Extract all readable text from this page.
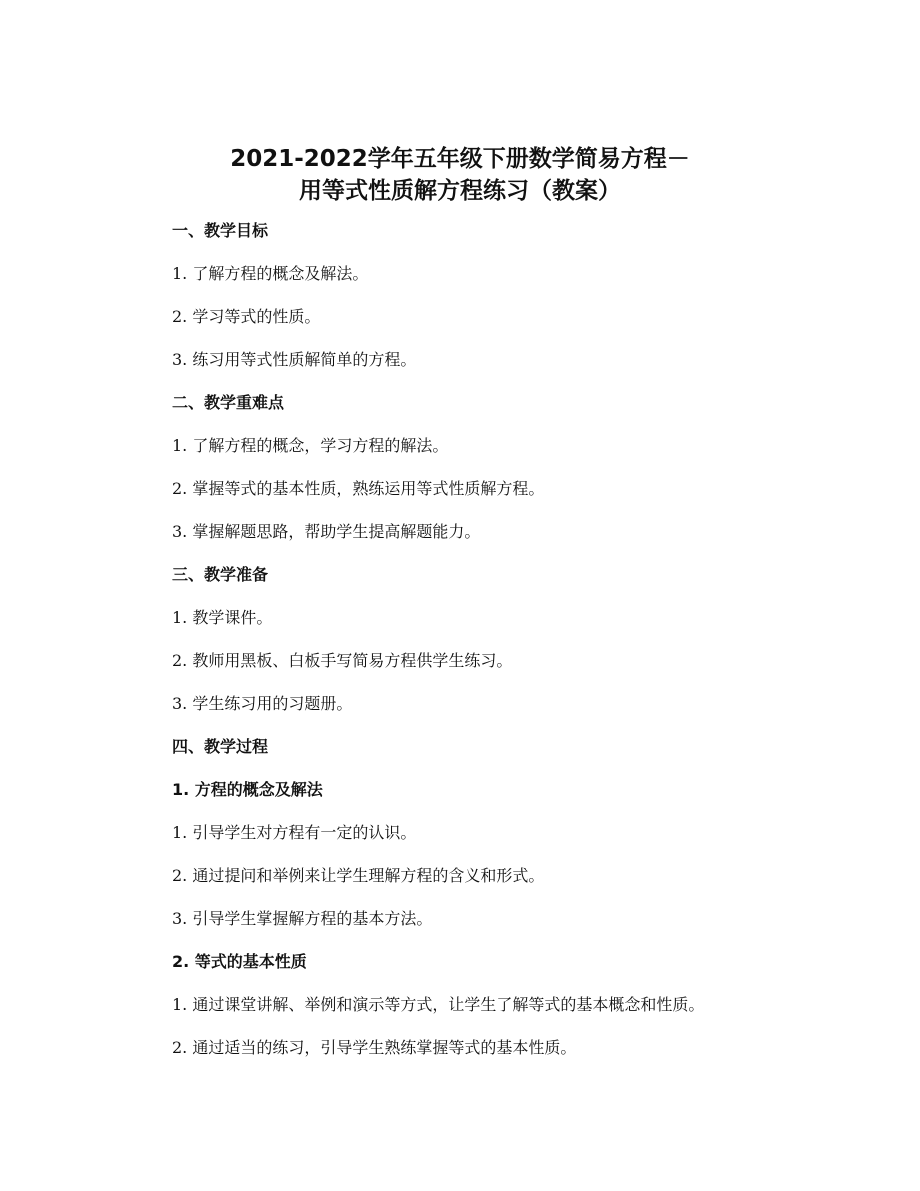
2021-2022学年五年级下册数学简易方程－
用等式性质解方程练习（教案）
一、教学目标
1. 了解方程的概念及解法。
2. 学习等式的性质。
3. 练习用等式性质解简单的方程。
二、教学重难点
1. 了解方程的概念，学习方程的解法。
2. 掌握等式的基本性质，熟练运用等式性质解方程。
3. 掌握解题思路，帮助学生提高解题能力。
三、教学准备
1. 教学课件。
2. 教师用黑板、白板手写简易方程供学生练习。
3. 学生练习用的习题册。
四、教学过程
1. 方程的概念及解法
1. 引导学生对方程有一定的认识。
2. 通过提问和举例来让学生理解方程的含义和形式。
3. 引导学生掌握解方程的基本方法。
2. 等式的基本性质
1. 通过课堂讲解、举例和演示等方式，让学生了解等式的基本概念和性质。
2. 通过适当的练习，引导学生熟练掌握等式的基本性质。
